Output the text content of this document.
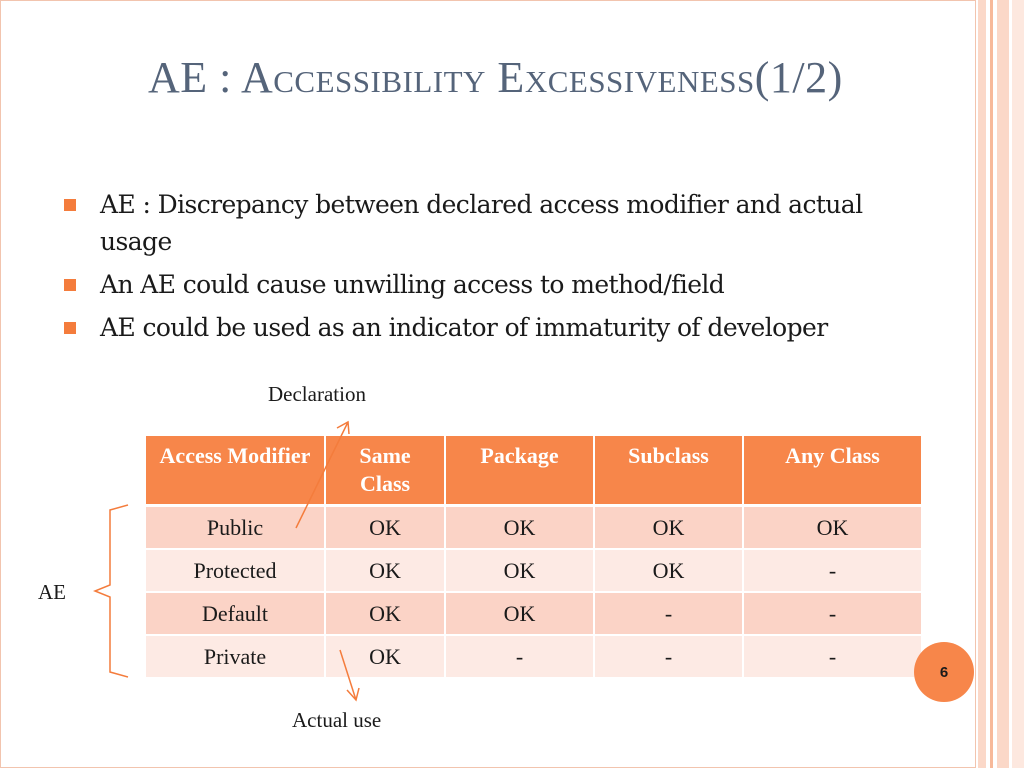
AE : Accessibility Excessiveness(1/2)
AE : Discrepancy between declared access modifier and actual usage
An AE could cause unwilling access to method/field
AE could be used as an indicator of immaturity of developer
Declaration
Actual use
AE
Access Modifier	Same Class	Package	Subclass	Any Class
Public	OK	OK	OK	OK
Protected	OK	OK	OK	-
Default	OK	OK	-	-
Private	OK	-	-	-
6
